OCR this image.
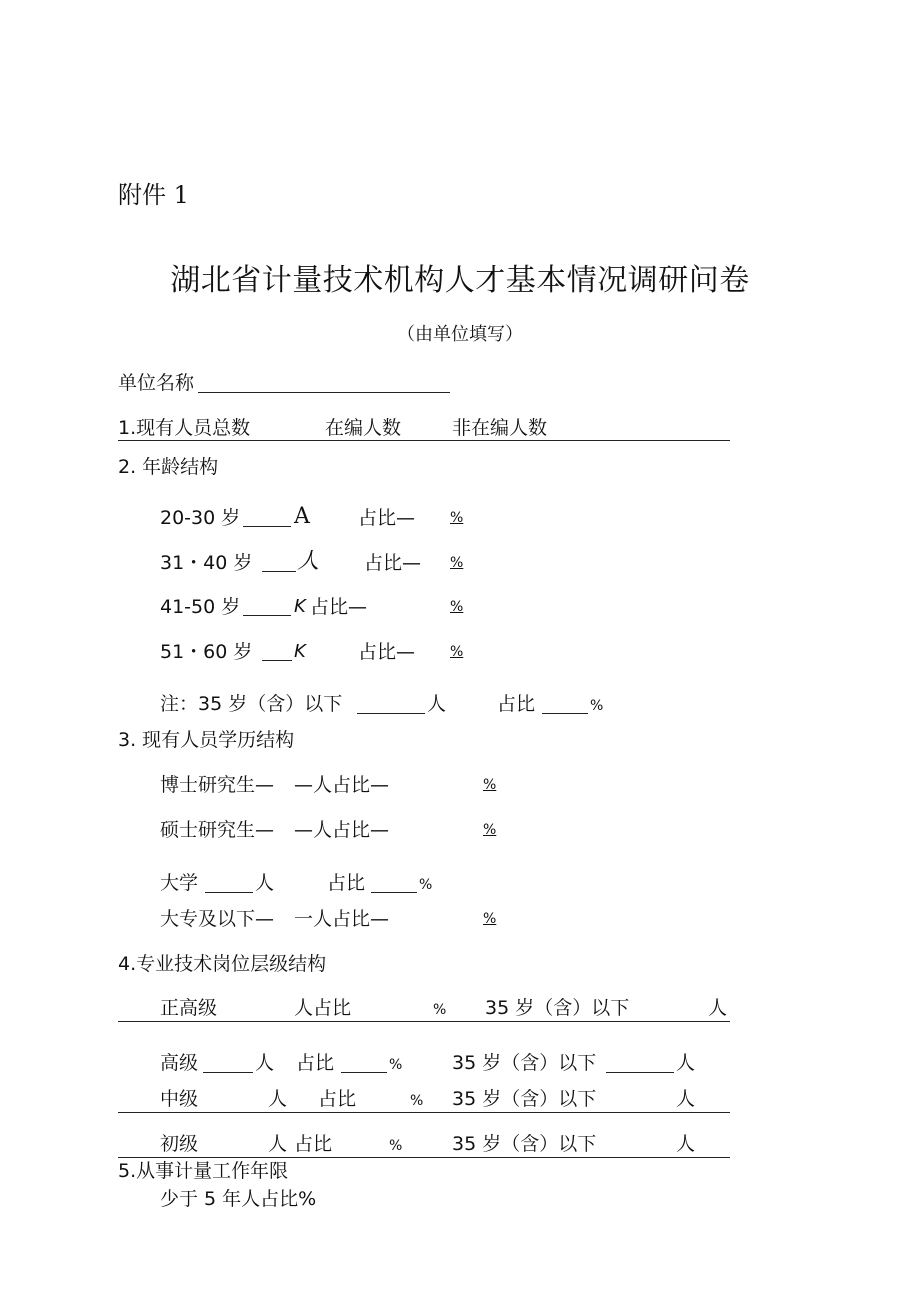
附件 1
湖北省计量技术机构人才基本情况调研问卷
（由单位填写）
单位名称
1.现有人员总数	在编人数	非在编人数
2. 年龄结构
20-30 岁 A	占比— %
31・40 岁 人 占比— %
41-50 岁	K 占比—	%
51・60 岁 K	占比— %
注：35 岁（含）以下	人	占比	%
3. 现有人员学历结构
博士研究生— —人占比—	%
硕士研究生— —人占比—	%
大学	人	占比	%
大专及以下— 一人占比—	%
4.专业技术岗位层级结构
正高级	人占比	% 35 岁（含）以下	人
高级	人 占比	%	35 岁（含）以下	人
中级	人 占比	% 35 岁（含）以下	人
初级	人 占比	%	35 岁（含）以下	人
5.从事计量工作年限
少于 5 年人占比%
